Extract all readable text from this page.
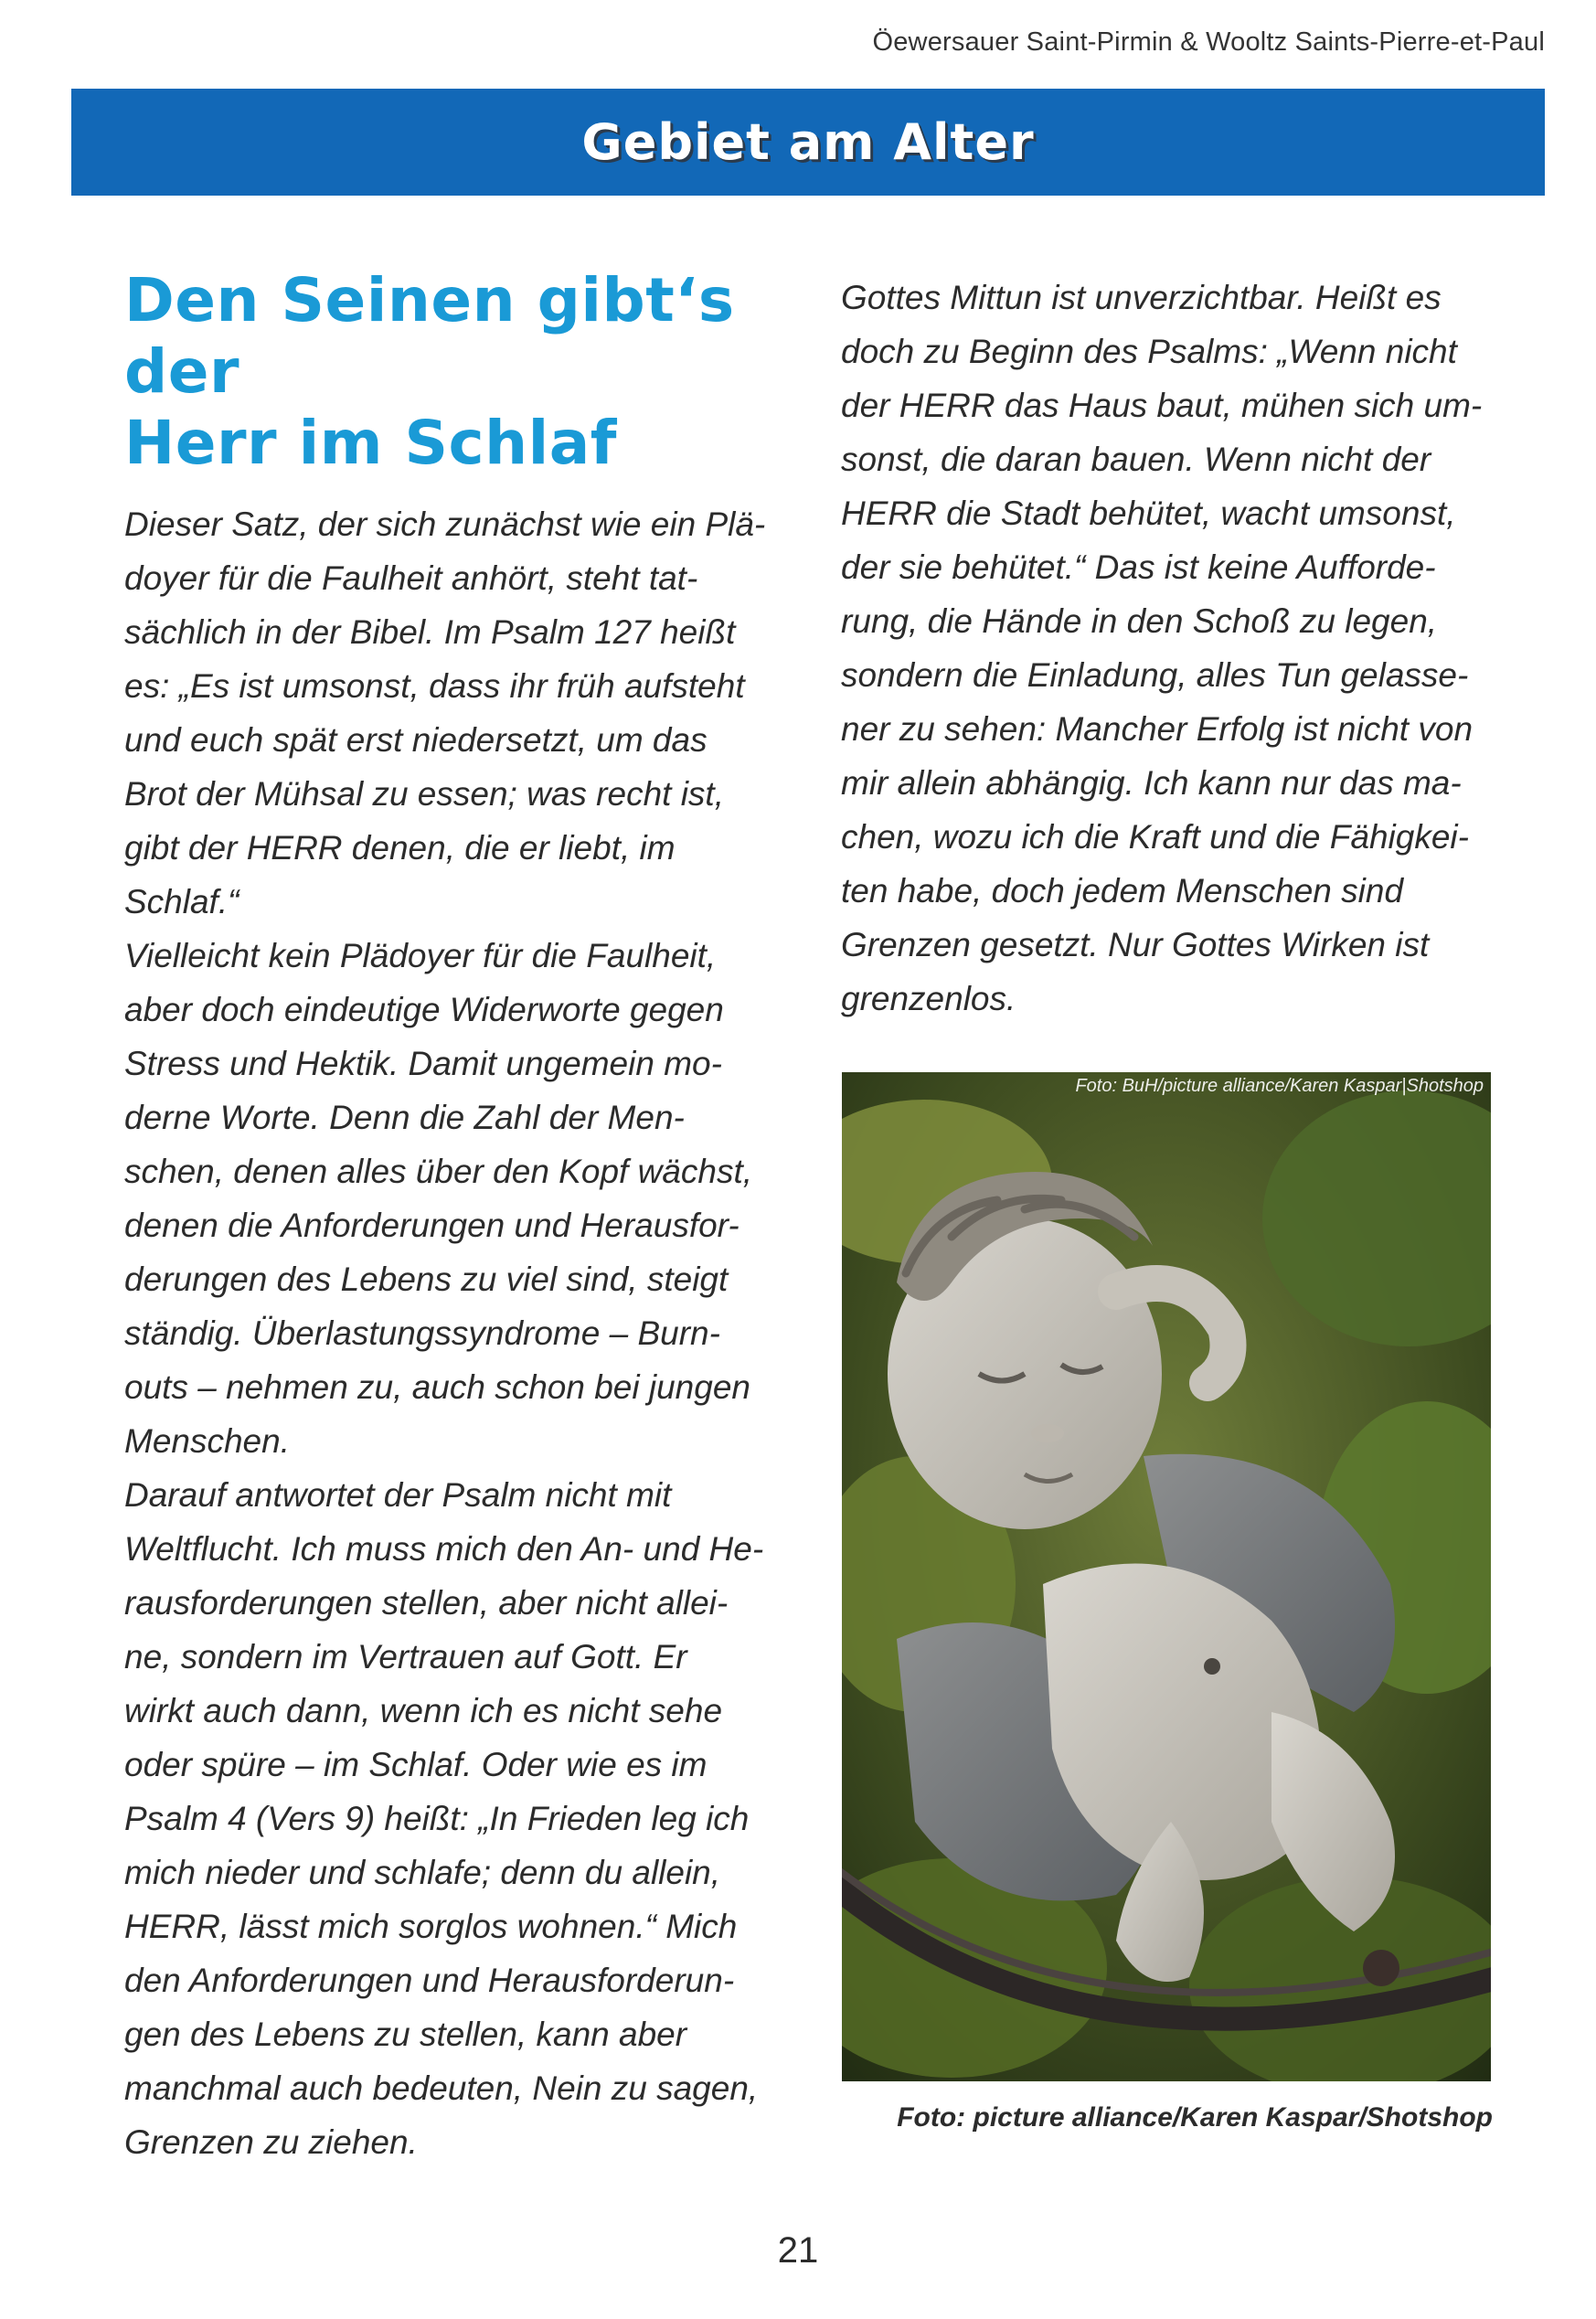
Öewersauer Saint-Pirmin & Wooltz Saints-Pierre-et-Paul
Gebiet am Alter
Den Seinen gibt‘s der
Herr im Schlaf

Dieser Satz, der sich zunächst wie ein Plä-
doyer für die Faulheit anhört, steht tat-
sächlich in der Bibel. Im Psalm 127 heißt
es: „Es ist umsonst, dass ihr früh aufsteht
und euch spät erst niedersetzt, um das
Brot der Mühsal zu essen; was recht ist,
gibt der HERR denen, die er liebt, im
Schlaf.“
Vielleicht kein Plädoyer für die Faulheit,
aber doch eindeutige Widerworte gegen
Stress und Hektik. Damit ungemein mo-
derne Worte. Denn die Zahl der Men-
schen, denen alles über den Kopf wächst,
denen die Anforderungen und Herausfor-
derungen des Lebens zu viel sind, steigt
ständig. Überlastungssyndrome – Burn-
outs – nehmen zu, auch schon bei jungen
Menschen.
Darauf antwortet der Psalm nicht mit
Weltflucht. Ich muss mich den An- und He-
rausforderungen stellen, aber nicht allei-
ne, sondern im Vertrauen auf Gott. Er
wirkt auch dann, wenn ich es nicht sehe
oder spüre – im Schlaf. Oder wie es im
Psalm 4 (Vers 9) heißt: „In Frieden leg ich
mich nieder und schlafe; denn du allein,
HERR, lässt mich sorglos wohnen.“ Mich
den Anforderungen und Herausforderun-
gen des Lebens zu stellen, kann aber
manchmal auch bedeuten, Nein zu sagen,
Grenzen zu ziehen.

Gottes Mittun ist unverzichtbar. Heißt es
doch zu Beginn des Psalms: „Wenn nicht
der HERR das Haus baut, mühen sich um-
sonst, die daran bauen. Wenn nicht der
HERR die Stadt behütet, wacht umsonst,
der sie behütet.“ Das ist keine Aufforde-
rung, die Hände in den Schoß zu legen,
sondern die Einladung, alles Tun gelasse-
ner zu sehen: Mancher Erfolg ist nicht von
mir allein abhängig. Ich kann nur das ma-
chen, wozu ich die Kraft und die Fähigkei-
ten habe, doch jedem Menschen sind
Grenzen gesetzt. Nur Gottes Wirken ist
grenzenlos.

Foto: BuH/picture alliance/Karen Kaspar|Shotshop
Foto: picture alliance/Karen Kaspar/Shotshop
21
